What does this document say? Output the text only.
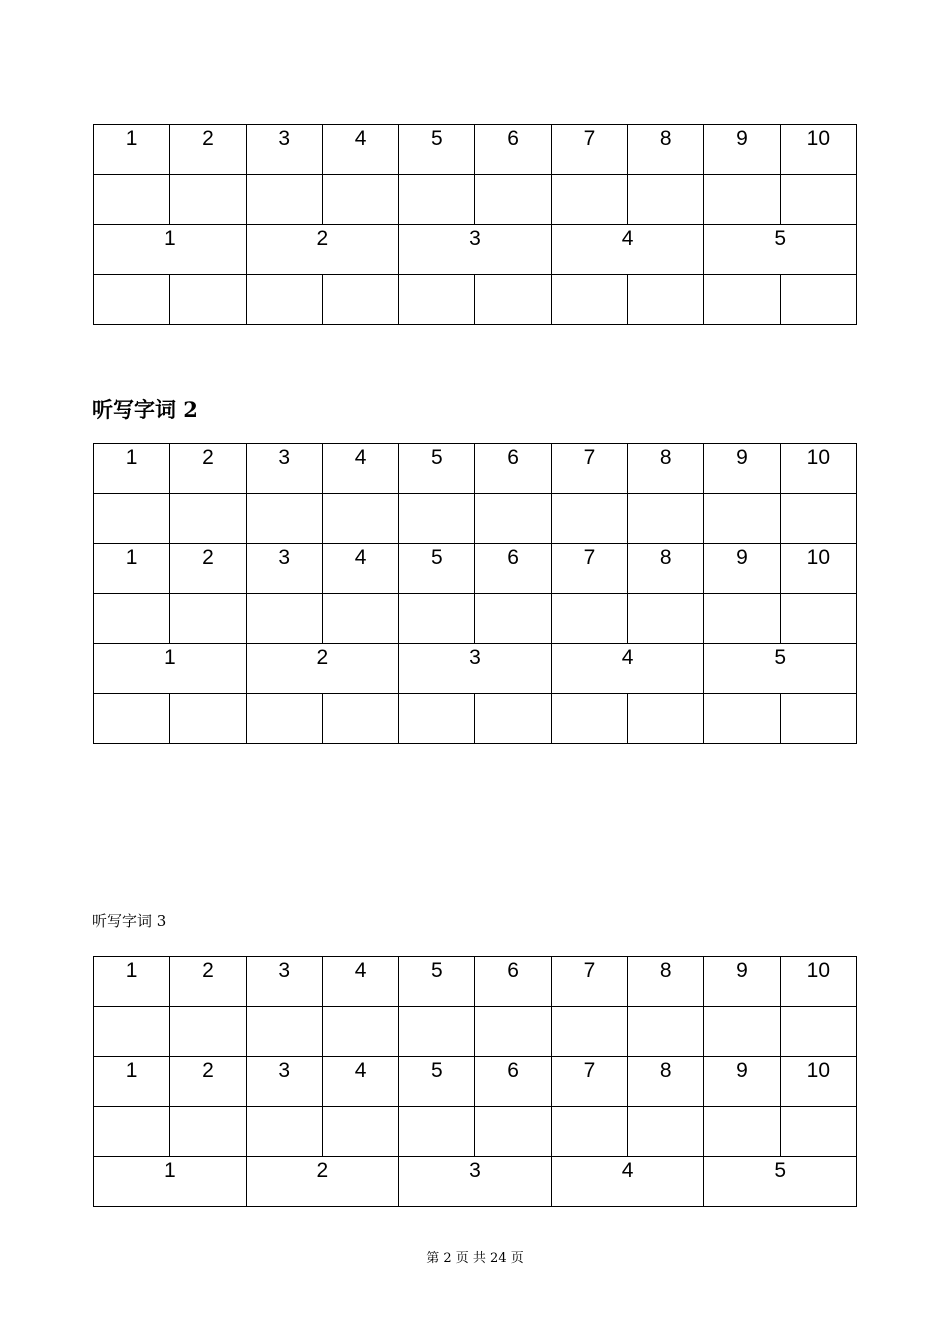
1	2	3	4	5	6	7	8	9	10

1		2		3		4		5	

听写字词 2
1	2	3	4	5	6	7	8	9	10

1	2	3	4	5	6	7	8	9	10

1		2		3		4		5	

听写字词 3
1	2	3	4	5	6	7	8	9	10

1	2	3	4	5	6	7	8	9	10

1		2		3		4		5	
第 2 页 共 24 页
